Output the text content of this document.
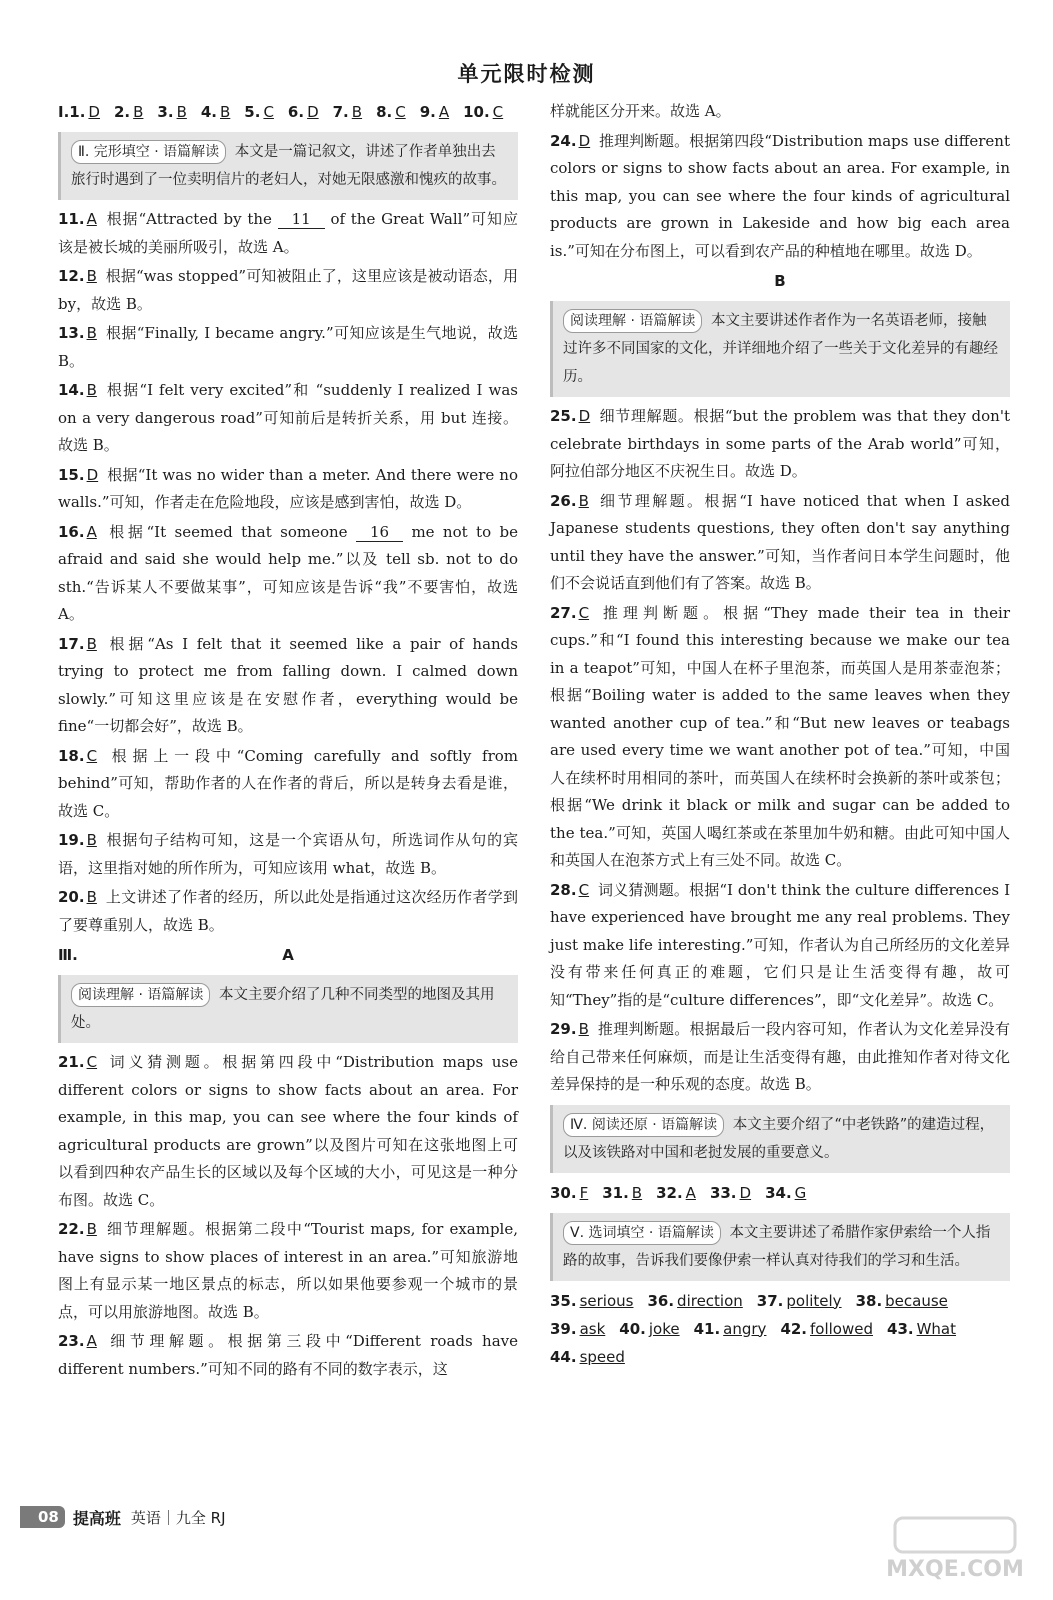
单元限时检测
Ⅰ.1. D 2. B 3. B 4. B 5. C 6. D 7. B 8. C 9. A 10. C
Ⅱ. 完形填空 · 语篇解读 本文是一篇记叙文，讲述了作者单独出去旅行时遇到了一位卖明信片的老妇人，对她无限感激和愧疚的故事。

11. A 根据“Attracted by the 11 of the Great Wall”可知应该是被长城的美丽所吸引，故选 A。

12. B 根据“was stopped”可知被阻止了，这里应该是被动语态，用 by，故选 B。

13. B 根据“Finally, I became angry.”可知应该是生气地说，故选 B。

14. B 根据“I felt very excited”和 “suddenly I realized I was on a very dangerous road”可知前后是转折关系，用 but 连接。故选 B。

15. D 根据“It was no wider than a meter. And there were no walls.”可知，作者走在危险地段，应该是感到害怕，故选 D。

16. A 根据“It seemed that someone 16 me not to be afraid and said she would help me.”以及 tell sb. not to do sth.“告诉某人不要做某事”，可知应该是告诉“我”不要害怕，故选 A。

17. B 根据“As I felt that it seemed like a pair of hands trying to protect me from falling down. I calmed down slowly.”可知这里应该是在安慰作者，everything would be fine“一切都会好”，故选 B。

18. C 根据上一段中“Coming carefully and softly from behind”可知，帮助作者的人在作者的背后，所以是转身去看是谁，故选 C。

19. B 根据句子结构可知，这是一个宾语从句，所选词作从句的宾语，这里指对她的所作所为，可知应该用 what，故选 B。

20. B 上文讲述了作者的经历，所以此处是指通过这次经历作者学到了要尊重别人，故选 B。

Ⅲ.	A
阅读理解 · 语篇解读 本文主要介绍了几种不同类型的地图及其用处。

21. C 词义猜测题。根据第四段中“Distribution maps use different colors or signs to show facts about an area. For example, in this map, you can see where the four kinds of agricultural products are grown”以及图片可知在这张地图上可以看到四种农产品生长的区域以及每个区域的大小，可见这是一种分布图。故选 C。

22. B 细节理解题。根据第二段中“Tourist maps, for example, have signs to show places of interest in an area.”可知旅游地图上有显示某一地区景点的标志，所以如果他要参观一个城市的景点，可以用旅游地图。故选 B。

23. A 细节理解题。根据第三段中“Different roads have different numbers.”可知不同的路有不同的数字表示，这

样就能区分开来。故选 A。

24. D 推理判断题。根据第四段“Distribution maps use different colors or signs to show facts about an area. For example, in this map, you can see where the four kinds of agricultural products are grown in Lakeside and how big each area is.”可知在分布图上，可以看到农产品的种植地在哪里。故选 D。

B
阅读理解 · 语篇解读 本文主要讲述作者作为一名英语老师，接触过许多不同国家的文化，并详细地介绍了一些关于文化差异的有趣经历。

25. D 细节理解题。根据“but the problem was that they don't celebrate birthdays in some parts of the Arab world”可知，阿拉伯部分地区不庆祝生日。故选 D。

26. B 细节理解题。根据“I have noticed that when I asked Japanese students questions, they often don't say anything until they have the answer.”可知，当作者问日本学生问题时，他们不会说话直到他们有了答案。故选 B。

27. C 推理判断题。根据“They made their tea in their cups.”和“I found this interesting because we make our tea in a teapot”可知，中国人在杯子里泡茶，而英国人是用茶壶泡茶；根据“Boiling water is added to the same leaves when they wanted another cup of tea.”和“But new leaves or teabags are used every time we want another pot of tea.”可知，中国人在续杯时用相同的茶叶，而英国人在续杯时会换新的茶叶或茶包；根据“We drink it black or milk and sugar can be added to the tea.”可知，英国人喝红茶或在茶里加牛奶和糖。由此可知中国人和英国人在泡茶方式上有三处不同。故选 C。

28. C 词义猜测题。根据“I don't think the culture differences I have experienced have brought me any real problems. They just make life interesting.”可知，作者认为自己所经历的文化差异没有带来任何真正的难题，它们只是让生活变得有趣，故可知“They”指的是“culture differences”，即“文化差异”。故选 C。

29. B 推理判断题。根据最后一段内容可知，作者认为文化差异没有给自己带来任何麻烦，而是让生活变得有趣，由此推知作者对待文化差异保持的是一种乐观的态度。故选 B。

Ⅳ. 阅读还原 · 语篇解读 本文主要介绍了“中老铁路”的建造过程，以及该铁路对中国和老挝发展的重要意义。
30. F 31. B 32. A 33. D 34. G
Ⅴ. 选词填空 · 语篇解读 本文主要讲述了希腊作家伊索给一个人指路的故事，告诉我们要像伊索一样认真对待我们的学习和生活。
35. serious 36. direction 37. politely 38. because
39. ask 40. joke 41. angry 42. followed 43. What
44. speed
08 提高班 英语｜九全 RJ
MXQE.COM
